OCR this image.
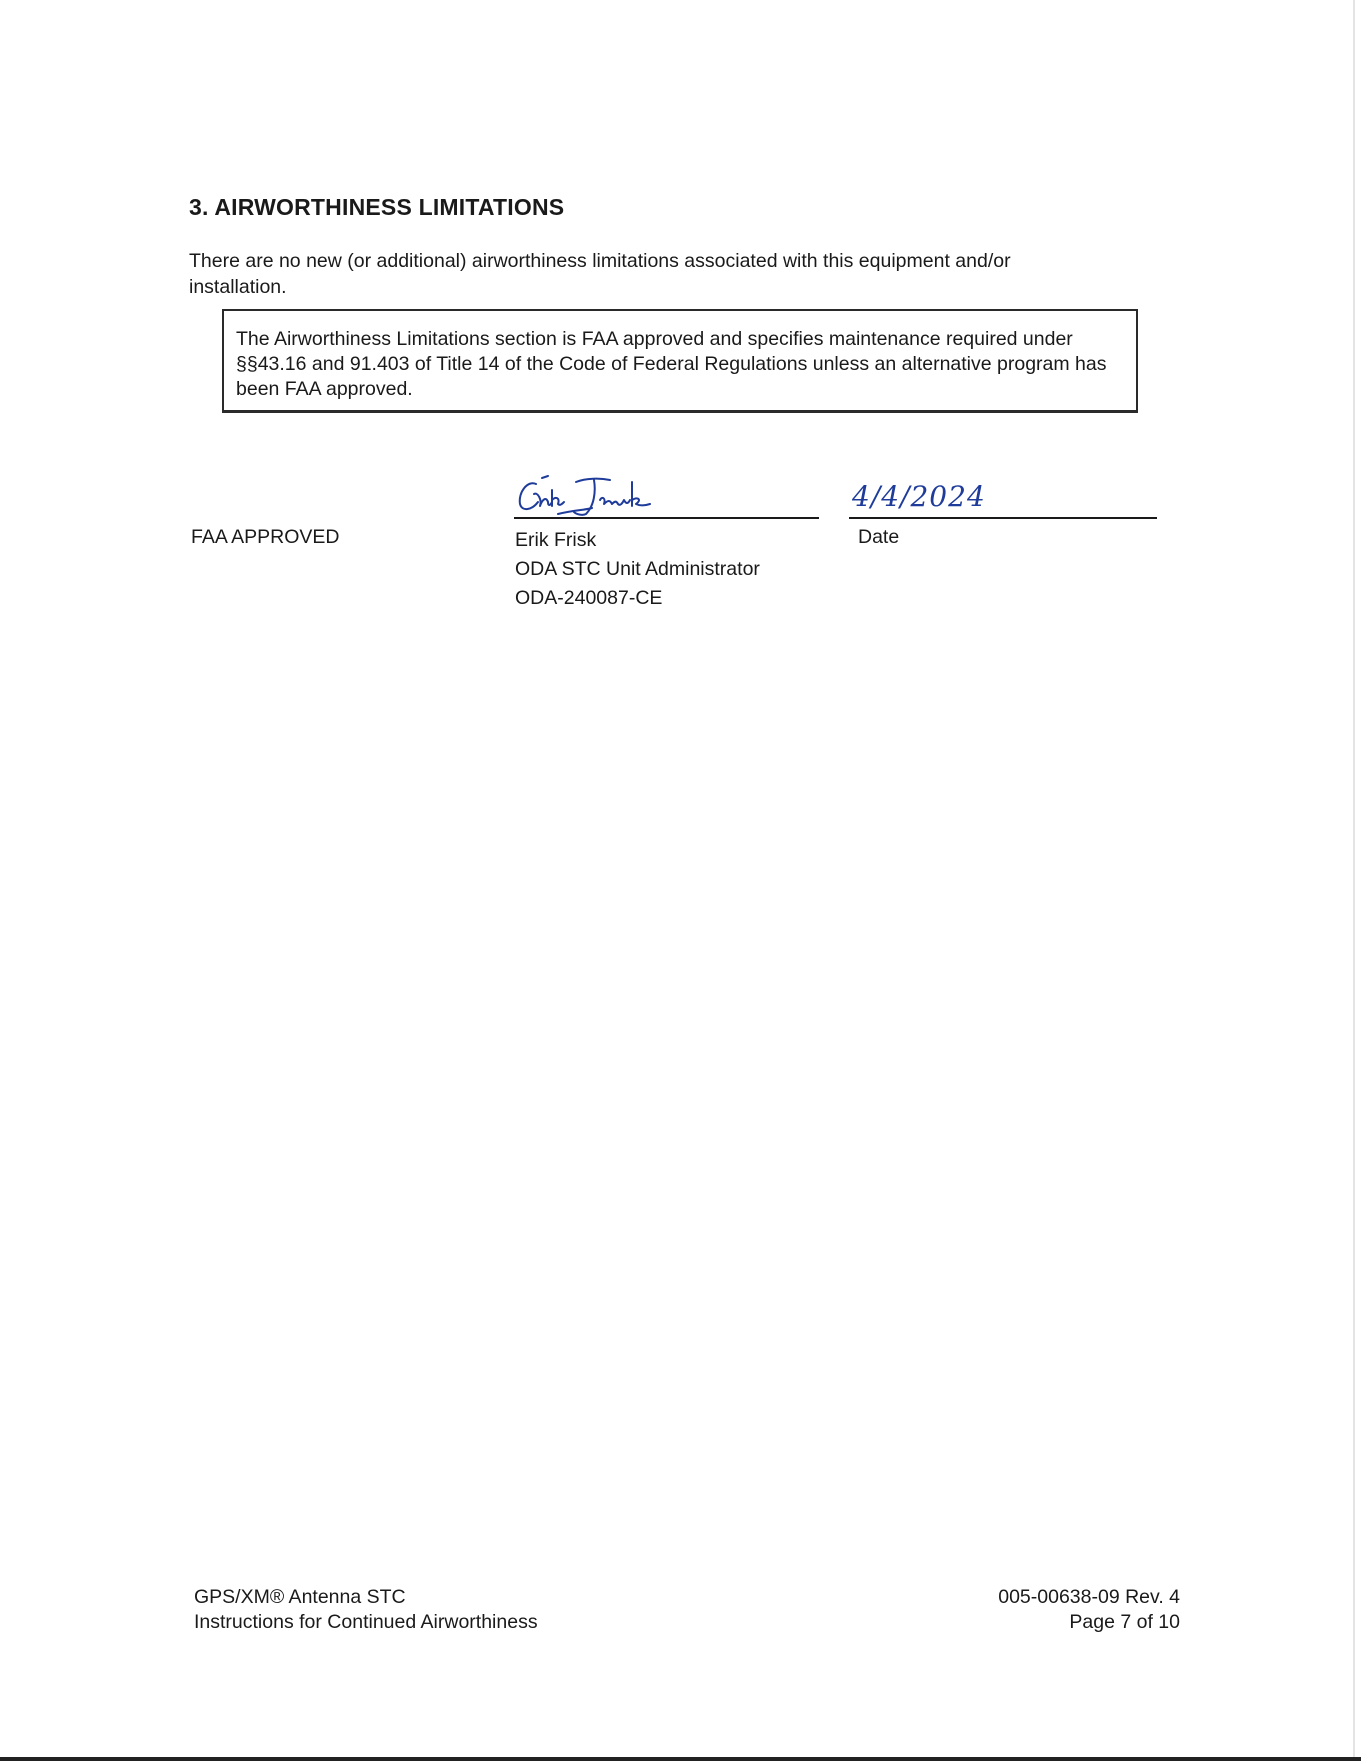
3. AIRWORTHINESS LIMITATIONS
There are no new (or additional) airworthiness limitations associated with this equipment and/or installation.
The Airworthiness Limitations section is FAA approved and specifies maintenance required under §§43.16 and 91.403 of Title 14 of the Code of Federal Regulations unless an alternative program has been FAA approved.
FAA APPROVED
4/4/2024
Erik Frisk
ODA STC Unit Administrator
ODA-240087-CE
Date
GPS/XM® Antenna STC
Instructions for Continued Airworthiness
005-00638-09 Rev. 4
Page 7 of 10
